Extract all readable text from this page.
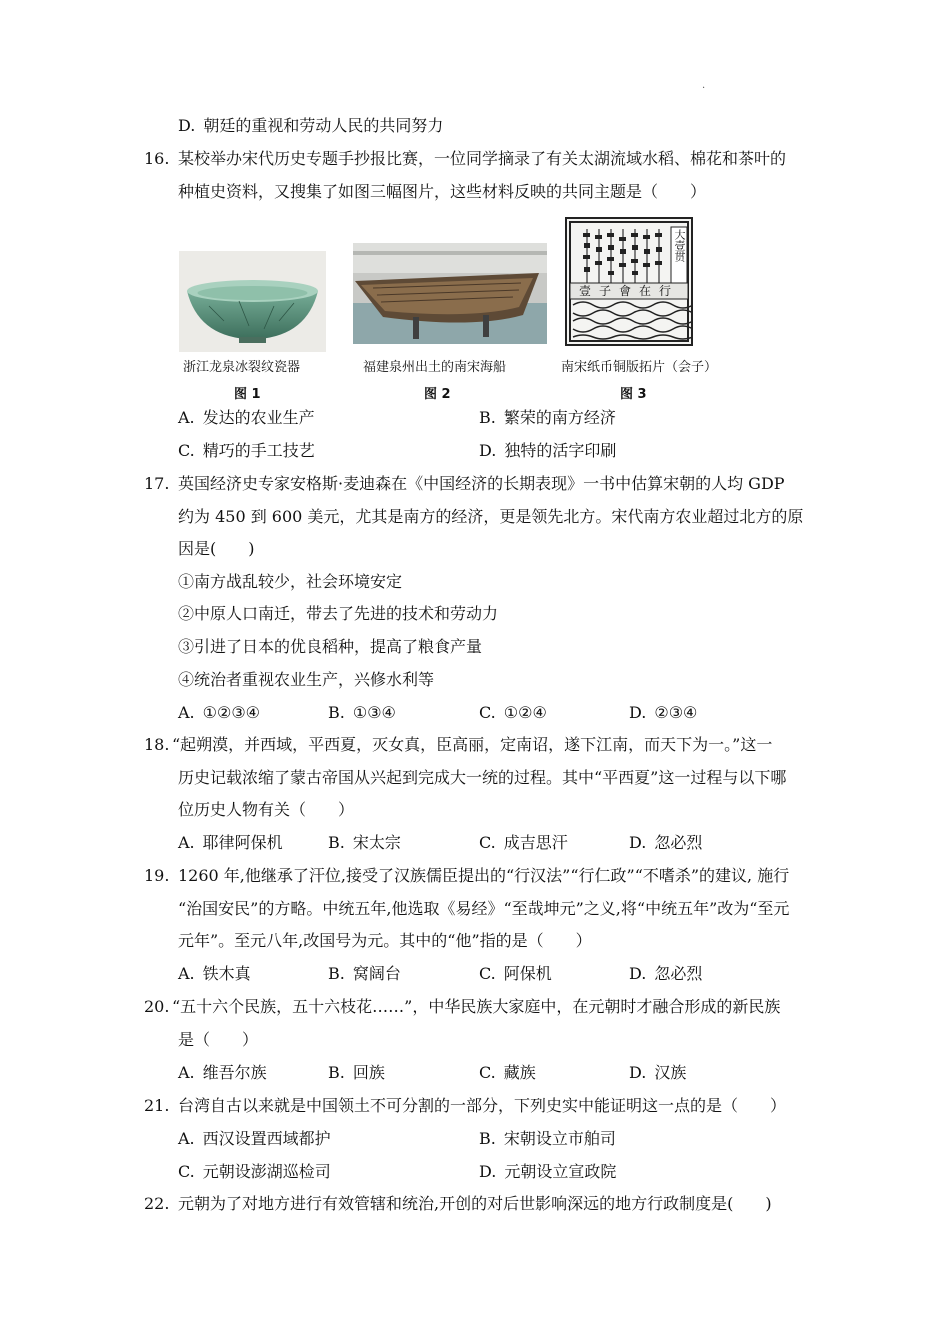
.
D. 朝廷的重视和劳动人民的共同努力
16. 某校举办宋代历史专题手抄报比赛，一位同学摘录了有关太湖流域水稻、棉花和茶叶的
种植史资料，又搜集了如图三幅图片，这些材料反映的共同主题是（　　）
浙江龙泉冰裂纹瓷器
图 1
福建泉州出土的南宋海船
图 2
大壹贯
壹子會在行
南宋纸币铜版拓片（会子）
图 3
A. 发达的农业生产	B. 繁荣的南方经济
C. 精巧的手工技艺	D. 独特的活字印刷
17. 英国经济史专家安格斯·麦迪森在《中国经济的长期表现》一书中估算宋朝的人均 GDP
约为 450 到 600 美元，尤其是南方的经济，更是领先北方。宋代南方农业超过北方的原
因是(　　)
①南方战乱较少，社会环境安定
②中原人口南迁，带去了先进的技术和劳动力
③引进了日本的优良稻种，提高了粮食产量
④统治者重视农业生产，兴修水利等
A. ①②③④	B. ①③④	C. ①②④	D. ②③④
18. “起朔漠，并西域，平西夏，灭女真，臣高丽，定南诏，遂下江南，而天下为一。”这一
历史记载浓缩了蒙古帝国从兴起到完成大一统的过程。其中“平西夏”这一过程与以下哪
位历史人物有关（　　）
A. 耶律阿保机	B. 宋太宗	C. 成吉思汗	D. 忽必烈
19. 1260 年,他继承了汗位,接受了汉族儒臣提出的“行汉法”“行仁政”“不嗜杀”的建议, 施行
“治国安民”的方略。中统五年,他选取《易经》“至哉坤元”之义,将“中统五年”改为“至元
元年”。至元八年,改国号为元。其中的“他”指的是（　　）
A. 铁木真	B. 窝阔台	C. 阿保机	D. 忽必烈
20. “五十六个民族，五十六枝花……”，中华民族大家庭中，在元朝时才融合形成的新民族
是（　　）
A. 维吾尔族	B. 回族	C. 藏族	D. 汉族
21. 台湾自古以来就是中国领土不可分割的一部分，下列史实中能证明这一点的是（　　）
A. 西汉设置西域都护	B. 宋朝设立市舶司
C. 元朝设澎湖巡检司	D. 元朝设立宣政院
22. 元朝为了对地方进行有效管辖和统治,开创的对后世影响深远的地方行政制度是(　　)
